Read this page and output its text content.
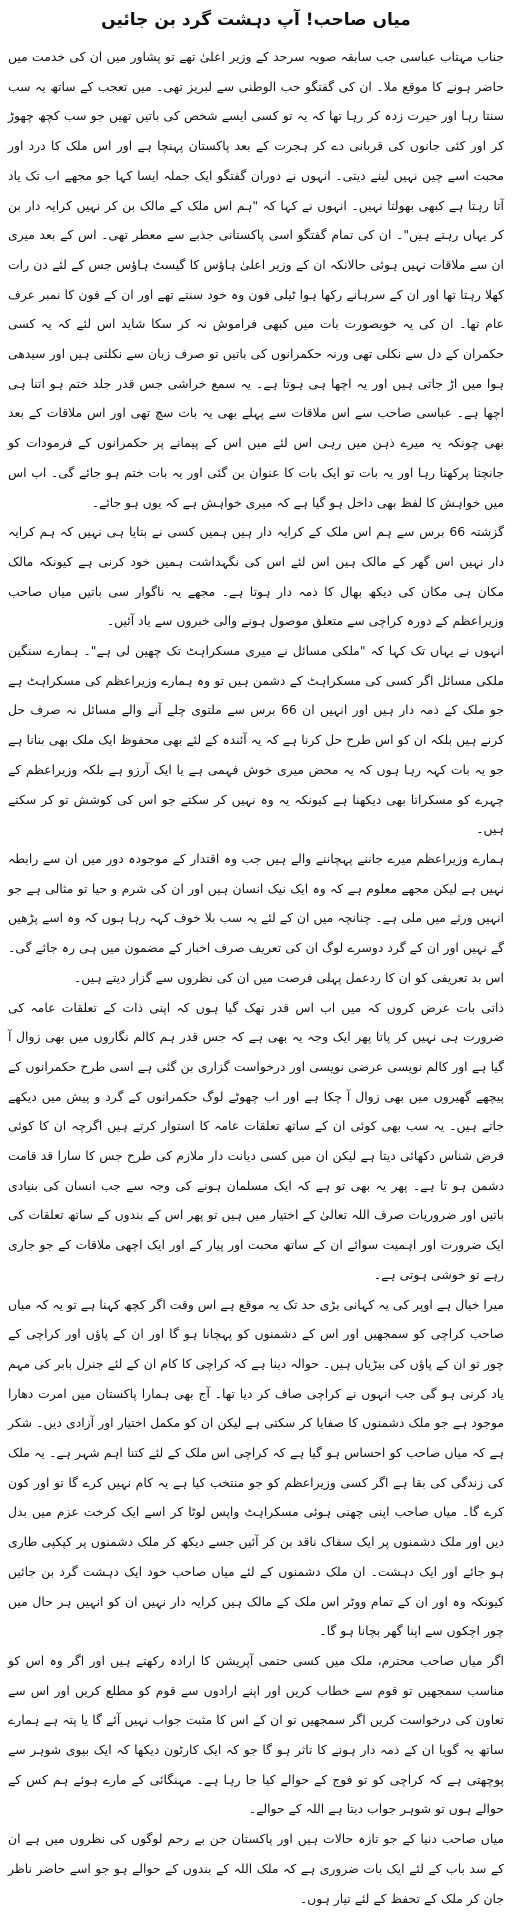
میاں صاحب! آپ دہشت گرد بن جائیں

جناب مہتاب عباسی جب سابقہ صوبہ سرحد کے وزیر اعلیٰ تھے تو پشاور میں ان کی خدمت میں حاضر ہونے کا موقع ملا۔ ان کی گفتگو حب الوطنی سے لبریز تھی۔ میں تعجب کے ساتھ یہ سب سنتا رہا اور حیرت زدہ کر رہا تھا کہ یہ تو کسی ایسے شخص کی باتیں تھیں جو سب کچھ چھوڑ کر اور کئی جانوں کی قربانی دے کر ہجرت کے بعد پاکستان پہنچا ہے اور اس ملک کا درد اور محبت اسے چین نہیں لینے دیتی۔ انہوں نے دوران گفتگو ایک جملہ ایسا کہا جو مجھے اب تک یاد آتا رہتا ہے کبھی بھولتا نہیں۔ انہوں نے کہا کہ "ہم اس ملک کے مالک بن کر نہیں کرایہ دار بن کر یہاں رہتے ہیں"۔ ان کی تمام گفتگو اسی پاکستانی جذبے سے معطر تھی۔ اس کے بعد میری ان سے ملاقات نہیں ہوئی حالانکہ ان کے وزیر اعلیٰ ہاؤس کا گیسٹ ہاؤس جس کے لئے دن رات کھلا رہتا تھا اور ان کے سرہانے رکھا ہوا ٹیلی فون وہ خود سنتے تھے اور ان کے فون کا نمبر عرف عام تھا۔ ان کی یہ خوبصورت بات میں کبھی فراموش نہ کر سکا شاید اس لئے کہ یہ کسی حکمران کے دل سے نکلی تھی ورنہ حکمرانوں کی باتیں تو صرف زبان سے نکلتی ہیں اور سیدھی ہوا میں اڑ جاتی ہیں اور یہ اچھا ہی ہوتا ہے۔ یہ سمع خراشی جس قدر جلد ختم ہو اتنا ہی اچھا ہے۔ عباسی صاحب سے اس ملاقات سے پہلے بھی یہ بات سچ تھی اور اس ملاقات کے بعد بھی چونکہ یہ میرے ذہن میں رہی اس لئے میں اس کے پیمانے پر حکمرانوں کے فرمودات کو جانچتا پرکھتا رہا اور یہ بات تو ایک بات کا عنوان بن گئی اور یہ بات ختم ہو جائے گی۔ اب اس میں خواہش کا لفظ بھی داخل ہو گیا ہے کہ میری خواہش ہے کہ یوں ہو جائے۔

گزشتہ 66 برس سے ہم اس ملک کے کرایہ دار ہیں ہمیں کسی نے بتایا ہی نہیں کہ ہم کرایہ دار نہیں اس گھر کے مالک ہیں اس لئے اس کی نگہداشت ہمیں خود کرنی ہے کیونکہ مالک مکان ہی مکان کی دیکھ بھال کا ذمہ دار ہوتا ہے۔ مجھے یہ ناگوار سی باتیں میاں صاحب وزیراعظم کے دورہ کراچی سے متعلق موصول ہونے والی خبروں سے یاد آئیں۔

انہوں نے یہاں تک کہا کہ "ملکی مسائل نے میری مسکراہٹ تک چھین لی ہے"۔ ہمارے سنگین ملکی مسائل اگر کسی کی مسکراہٹ کے دشمن ہیں تو وہ ہمارے وزیراعظم کی مسکراہٹ ہے جو ملک کے ذمہ دار ہیں اور انہیں ان 66 برس سے ملتوی چلے آنے والے مسائل نہ صرف حل کرنے ہیں بلکہ ان کو اس طرح حل کرنا ہے کہ یہ آئندہ کے لئے بھی محفوظ ایک ملک بھی بنانا ہے جو یہ بات کہہ رہا ہوں کہ یہ محض میری خوش فہمی ہے یا ایک آرزو ہے بلکہ وزیراعظم کے چہرے کو مسکراتا بھی دیکھنا ہے کیونکہ یہ وہ نہیں کر سکتے جو اس کی کوشش تو کر سکتے ہیں۔

ہمارے وزیراعظم میرے جاننے پہچاننے والے ہیں جب وہ اقتدار کے موجودہ دور میں ان سے رابطہ نہیں ہے لیکن مجھے معلوم ہے کہ وہ ایک نیک انسان ہیں اور ان کی شرم و حیا تو مثالی ہے جو انہیں ورثے میں ملی ہے۔ چنانچہ میں ان کے لئے یہ سب بلا خوف کہہ رہا ہوں کہ وہ اسے پڑھیں گے نہیں اور ان کے گرد دوسرے لوگ ان کی تعریف صرف اخبار کے مضمون میں ہی رہ جائے گی۔ اس بد تعریفی کو ان کا ردعمل پہلی فرصت میں ان کی نظروں سے گزار دیتے ہیں۔

ذاتی بات عرض کروں کہ میں اب اس قدر تھک گیا ہوں کہ اپنی ذات کے تعلقات عامہ کی ضرورت ہی نہیں کر پاتا پھر ایک وجہ یہ بھی ہے کہ جس قدر ہم کالم نگاروں میں بھی زوال آ گیا ہے اور کالم نویسی عرضی نویسی اور درخواست گزاری بن گئی ہے اسی طرح حکمرانوں کے پیچھے گھیروں میں بھی زوال آ چکا ہے اور اب چھوٹے لوگ حکمرانوں کے گرد و پیش میں دیکھے جاتے ہیں۔ یہ سب بھی کوئی ان کے ساتھ تعلقات عامہ کا استوار کرتے ہیں اگرچہ ان کا کوئی فرض شناس دکھائی دیتا ہے لیکن ان میں کسی دیانت دار ملازم کی طرح جس کا سارا قد قامت دشمن ہو تا ہے۔ پھر یہ بھی تو ہے کہ ایک مسلمان ہونے کی وجہ سے جب انسان کی بنیادی باتیں اور ضروریات صرف اللہ تعالیٰ کے اختیار میں ہیں تو پھر اس کے بندوں کے ساتھ تعلقات کی ایک ضرورت اور اہمیت سوائے ان کے ساتھ محبت اور پیار کے اور ایک اچھی ملاقات کے جو جاری رہے تو خوشی ہوتی ہے۔

میرا خیال ہے اوپر کی یہ کہانی بڑی حد تک یہ موقع ہے اس وقت اگر کچھ کہنا ہے تو یہ کہ میاں صاحب کراچی کو سمجھیں اور اس کے دشمنوں کو پہچانا ہو گا اور ان کے پاؤں اور کراچی کے چور تو ان کے پاؤں کی بیڑیاں ہیں۔ حوالہ دینا ہے کہ کراچی کا کام ان کے لئے جنرل بابر کی مہم یاد کرنی ہو گی جب انہوں نے کراچی صاف کر دیا تھا۔ آج بھی ہمارا پاکستان میں امرت دھارا موجود ہے جو ملک دشمنوں کا صفایا کر سکتی ہے لیکن ان کو مکمل اختیار اور آزادی دیں۔ شکر ہے کہ میاں صاحب کو احساس ہو گیا ہے کہ کراچی اس ملک کے لئے کتنا اہم شہر ہے۔ یہ ملک کی زندگی کی بقا ہے اگر کسی وزیراعظم کو جو منتخب کیا ہے یہ کام نہیں کرے گا تو اور کون کرے گا۔ میاں صاحب اپنی چھنی ہوئی مسکراہٹ واپس لوٹا کر اسے ایک کرخت عزم میں بدل دیں اور ملک دشمنوں پر ایک سفاک ناقد بن کر آئیں جسے دیکھ کر ملک دشمنوں پر کپکپی طاری ہو جائے اور ایک دہشت۔ ان ملک دشمنوں کے لئے میاں صاحب خود ایک دہشت گرد بن جائیں کیونکہ وہ اور ان کے تمام ووٹر اس ملک کے مالک ہیں کرایہ دار نہیں ان کو انہیں ہر حال میں چور اچکوں سے اپنا گھر بچانا ہو گا۔

اگر میاں صاحب محترم، ملک میں کسی حتمی آپریشن کا ارادہ رکھتے ہیں اور اگر وہ اس کو مناسب سمجھیں تو قوم سے خطاب کریں اور اپنے ارادوں سے قوم کو مطلع کریں اور اس سے تعاون کی درخواست کریں اگر سمجھیں تو ان کے اس کا مثبت جواب نہیں آئے گا یا پتہ ہے ہمارے ساتھ یہ گویا ان کے ذمہ دار ہونے کا تاثر ہو گا جو کہ ایک کارٹون دیکھا کہ ایک بیوی شوہر سے پوچھتی ہے کہ کراچی کو تو فوج کے حوالے کیا جا رہا ہے۔ مہنگائی کے مارے ہوئے ہم کس کے حوالے ہوں تو شوہر جواب دیتا ہے اللہ کے حوالے۔

میاں صاحب دنیا کے جو تازہ حالات ہیں اور پاکستان جن بے رحم لوگوں کی نظروں میں ہے ان کے سد باب کے لئے ایک بات ضروری ہے کہ ملک اللہ کے بندوں کے حوالے ہو جو اسے حاضر ناظر جان کر ملک کے تحفظ کے لئے تیار ہوں۔
